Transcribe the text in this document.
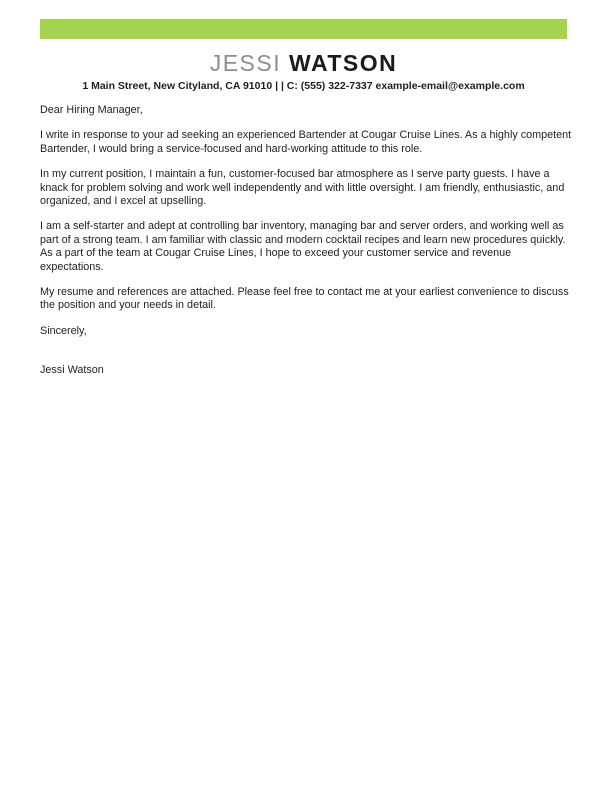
JESSI WATSON
1 Main Street, New Cityland, CA 91010 | | C: (555) 322-7337 example-email@example.com

Dear Hiring Manager,

I write in response to your ad seeking an experienced Bartender at Cougar Cruise Lines. As a highly competent Bartender, I would bring a service-focused and hard-working attitude to this role.

In my current position, I maintain a fun, customer-focused bar atmosphere as I serve party guests. I have a knack for problem solving and work well independently and with little oversight. I am friendly, enthusiastic, and organized, and I excel at upselling.

I am a self-starter and adept at controlling bar inventory, managing bar and server orders, and working well as part of a strong team. I am familiar with classic and modern cocktail recipes and learn new procedures quickly. As a part of the team at Cougar Cruise Lines, I hope to exceed your customer service and revenue expectations.

My resume and references are attached. Please feel free to contact me at your earliest convenience to discuss the position and your needs in detail.

Sincerely,

Jessi Watson
